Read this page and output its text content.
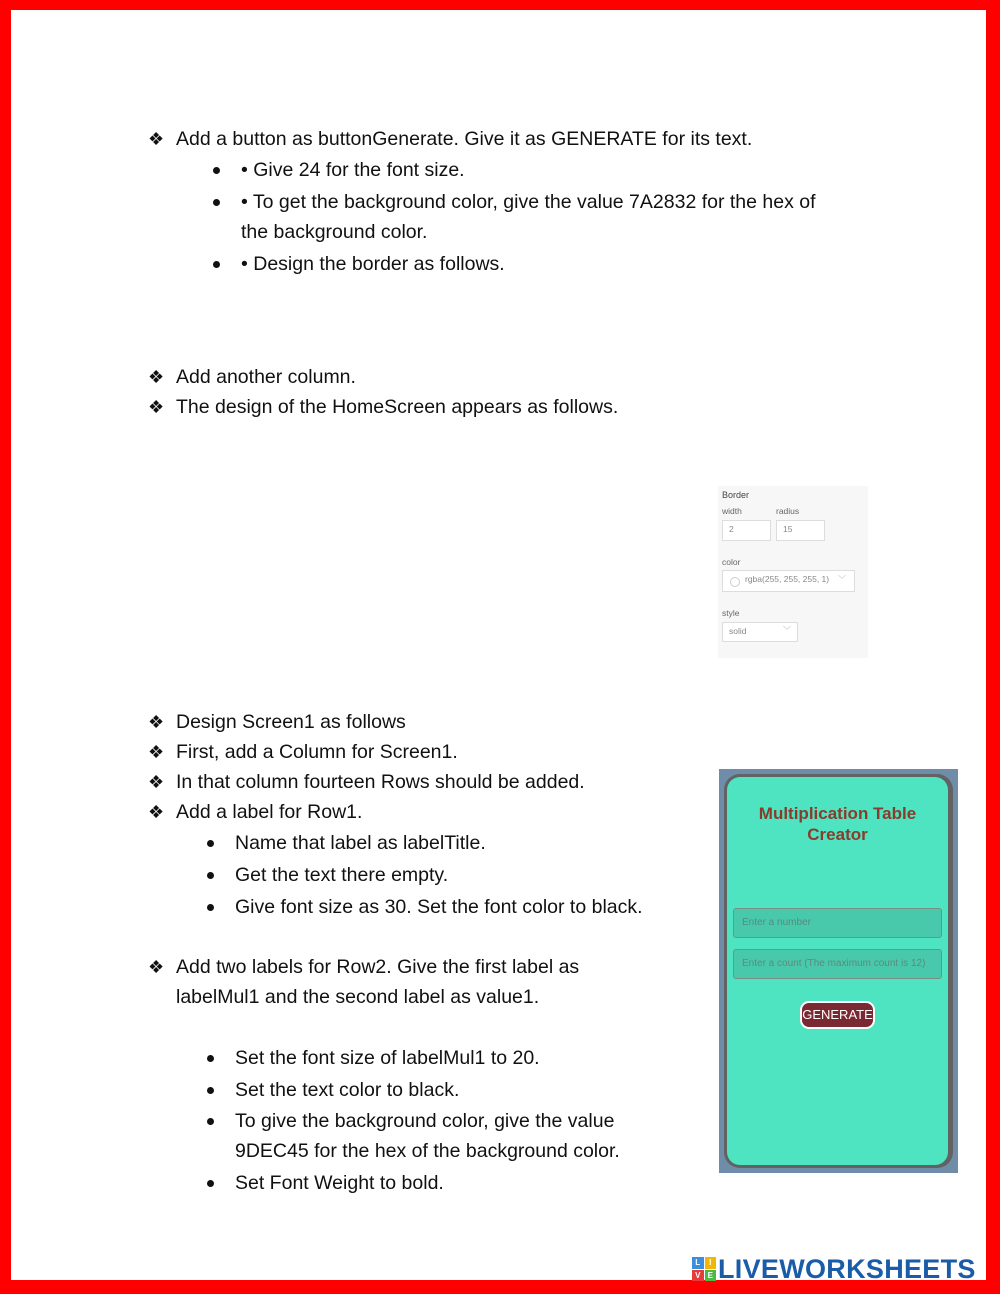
❖ Add a button as buttonGenerate. Give it as GENERATE for its text.
• Give 24 for the font size.
• To get the background color, give the value 7A2832 for the hex of
the background color.
• Design the border as follows.
❖ Add another column.
❖ The design of the HomeScreen appears as follows.
Border
width	radius
2	15
color
rgba(255, 255, 255, 1)	﹀
style
solid	﹀
❖ Design Screen1 as follows
❖ First, add a Column for Screen1.
❖ In that column fourteen Rows should be added.
❖ Add a label for Row1.
Name that label as labelTitle.
Get the text there empty.
Give font size as 30. Set the font color to black.
❖ Add two labels for Row2. Give the first label as
labelMul1 and the second label as value1.
Set the font size of labelMul1 to 20.
Set the text color to black.
To give the background color, give the value
9DEC45 for the hex of the background color.
Set Font Weight to bold.
Multiplication Table
Creator
Enter a number
Enter a count (The maximum count is 12)
GENERATE
L	I
V E LIVEWORKSHEETS
